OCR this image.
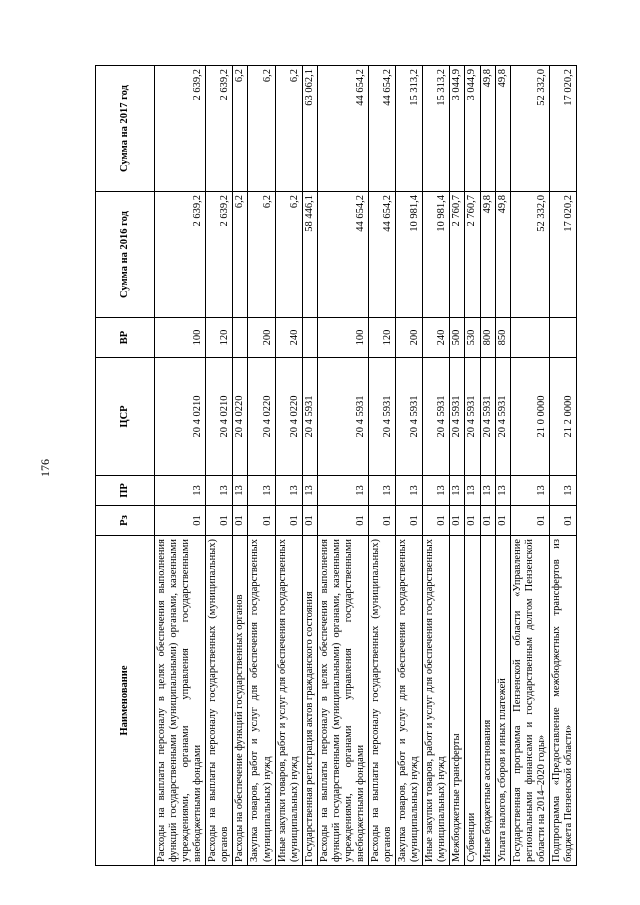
176
Наименование	Рз	ПР	ЦСР	ВР	Сумма на 2016 год	Сумма на 2017 год
Расходы на выплаты персоналу в целях обеспечения выполнения функций государственными (муниципальными) органами, казенными учреждениями, органами управления государственными внебюджетными фондами	01	13	20 4 0210	100	2 639,2	2 639,2
Расходы на выплаты персоналу государственных (муниципальных) органов	01	13	20 4 0210	120	2 639,2	2 639,2
Расходы на обеспечение функций государственных органов	01	13	20 4 0220		6,2	6,2
Закупка товаров, работ и услуг для обеспечения государственных (муниципальных) нужд	01	13	20 4 0220	200	6,2	6,2
Иные закупки товаров, работ и услуг для обеспечения государственных (муниципальных) нужд	01	13	20 4 0220	240	6,2	6,2
Государственная регистрация актов гражданского состояния	01	13	20 4 5931		58 446,1	63 062,1
Расходы на выплаты персоналу в целях обеспечения выполнения функций государственными (муниципальными) органами, казенными учреждениями, органами управления государственными внебюджетными фондами	01	13	20 4 5931	100	44 654,2	44 654,2
Расходы на выплаты персоналу государственных (муниципальных) органов	01	13	20 4 5931	120	44 654,2	44 654,2
Закупка товаров, работ и услуг для обеспечения государственных (муниципальных) нужд	01	13	20 4 5931	200	10 981,4	15 313,2
Иные закупки товаров, работ и услуг для обеспечения государственных (муниципальных) нужд	01	13	20 4 5931	240	10 981,4	15 313,2
Межбюджетные трансферты	01	13	20 4 5931	500	2 760,7	3 044,9
Субвенции	01	13	20 4 5931	530	2 760,7	3 044,9
Иные бюджетные ассигнования	01	13	20 4 5931	800	49,8	49,8
Уплата налогов, сборов и иных платежей	01	13	20 4 5931	850	49,8	49,8
Государственная программа Пензенской области «Управление региональными финансами и государственным долгом Пензенской области на 2014–2020 годы»	01	13	21 0 0000		52 332,0	52 332,0
Подпрограмма «Предоставление межбюджетных трансфертов из бюджета Пензенской области»	01	13	21 2 0000		17 020,2	17 020,2
